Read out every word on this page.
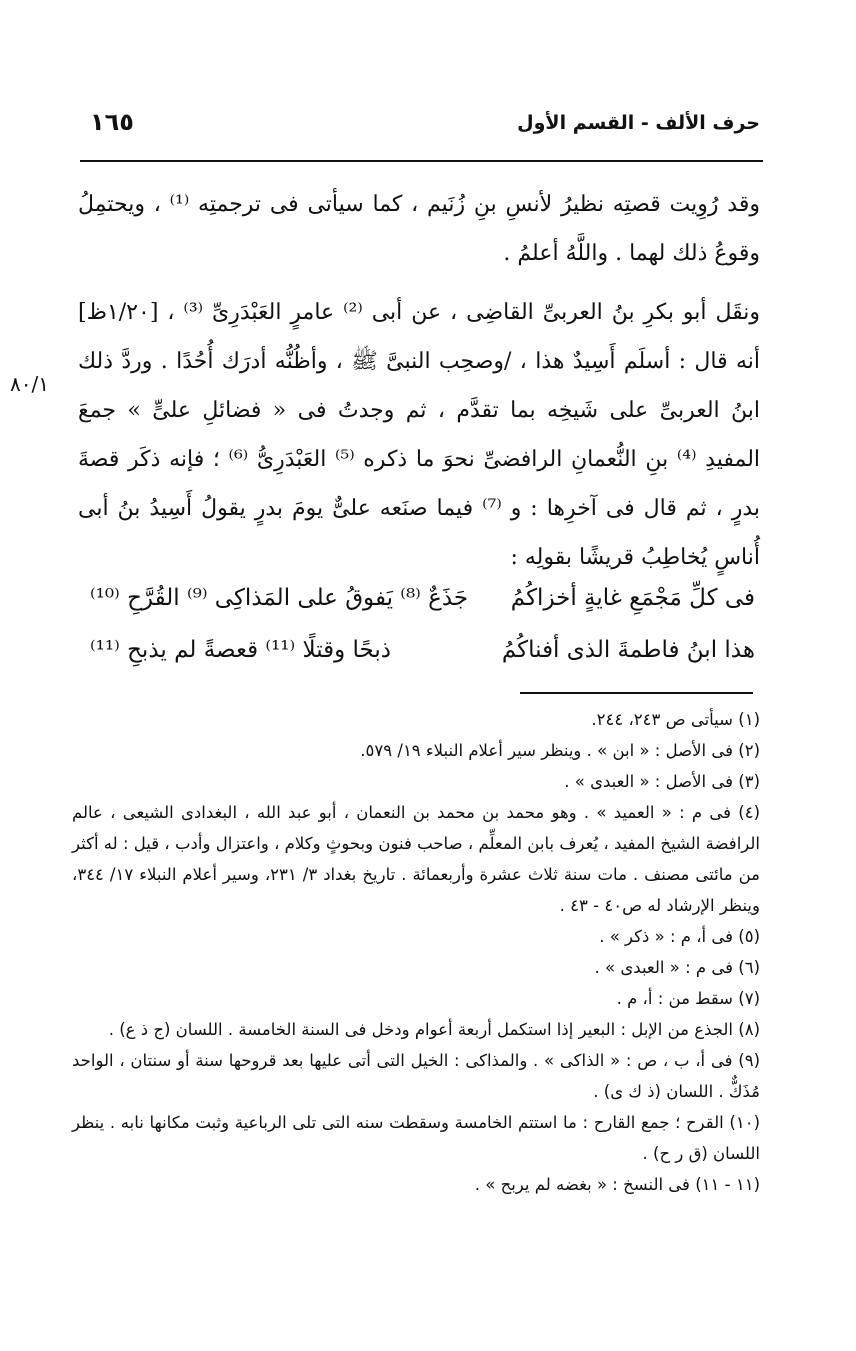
حرف الألف - القسم الأول
١٦٥
٨٠/١

وقد رُوِيت قصتِه نظيرُ لأنسِ بنِ زُنَيم ، كما سيأتى فى ترجمتِه ⁽¹⁾ ، ويحتمِلُ وقوعُ ذلك لهما . واللَّهُ أعلمُ .

ونقَل أبو بكرِ بنُ العربىِّ القاضِى ، عن أبى ⁽²⁾ عامرٍ العَبْدَرِىِّ ⁽³⁾ ، [١/٢٠ظ] أنه قال : أسلَم أَسِيدٌ هذا ، /وصحِب النبىَّ ﷺ ، وأظُنُّه أدرَك أُحُدًا . وردَّ ذلك ابنُ العربىِّ على شَيخِه بما تقدَّم ، ثم وجدتُ فى « فضائلِ علىٍّ » جمعَ المفيدِ ⁽⁴⁾ بنِ النُّعمانِ الرافضىِّ نحوَ ما ذكره ⁽⁵⁾ العَبْدَرِىُّ ⁽⁶⁾ ؛ فإنه ذكَر قصةَ بدرٍ ، ثم قال فى آخرِها : و ⁽⁷⁾ فيما صنَعه علىٌّ يومَ بدرٍ يقولُ أَسِيدُ بنُ أبى أُناسٍ يُخاطِبُ قريشًا بقولِه :

فى كلِّ مَجْمَعِ غايةٍ أخزاكُمُ
جَذَعٌ ⁽⁸⁾ يَفوقُ على المَذاكِى ⁽⁹⁾ القُرَّحِ ⁽¹⁰⁾
هذا ابنُ فاطمةَ الذى أفناكُمُ
ذبحًا وقتلًا ⁽¹¹⁾ قعصةً لم يذبحِ ⁽¹¹⁾
(١) سيأتى ص ٢٤٣، ٢٤٤.
(٢) فى الأصل : « ابن » . وينظر سير أعلام النبلاء ١٩/ ٥٧٩.
(٣) فى الأصل : « العبدى » .
(٤) فى م : « العميد » . وهو محمد بن محمد بن النعمان ، أبو عبد الله ، البغدادى الشيعى ، عالم الرافضة الشيخ المفيد ، يُعرف بابن المعلِّم ، صاحب فنون وبحوثٍ وكلام ، واعتزال وأدب ، قيل : له أكثر من مائتى مصنف . مات سنة ثلاث عشرة وأربعمائة . تاريخ بغداد ٣/ ٢٣١، وسير أعلام النبلاء ١٧/ ٣٤٤، وينظر الإرشاد له ص٤٠ - ٤٣ .
(٥) فى أ، م : « ذكر » .
(٦) فى م : « العبدى » .
(٧) سقط من : أ، م .
(٨) الجذع من الإبل : البعير إذا استكمل أربعة أعوام ودخل فى السنة الخامسة . اللسان (ج ذ ع) .
(٩) فى أ، ب ، ص : « الذاكى » . والمذاكى : الخيل التى أتى عليها بعد قروحها سنة أو سنتان ، الواحد مُذَكٌّ . اللسان (ذ ك ى) .
(١٠) القرح ؛ جمع القارح : ما استتم الخامسة وسقطت سنه التى تلى الرباعية وثبت مكانها نابه . ينظر اللسان (ق ر ح) .
(١١ - ١١) فى النسخ : « بغضه لم يربح » .
